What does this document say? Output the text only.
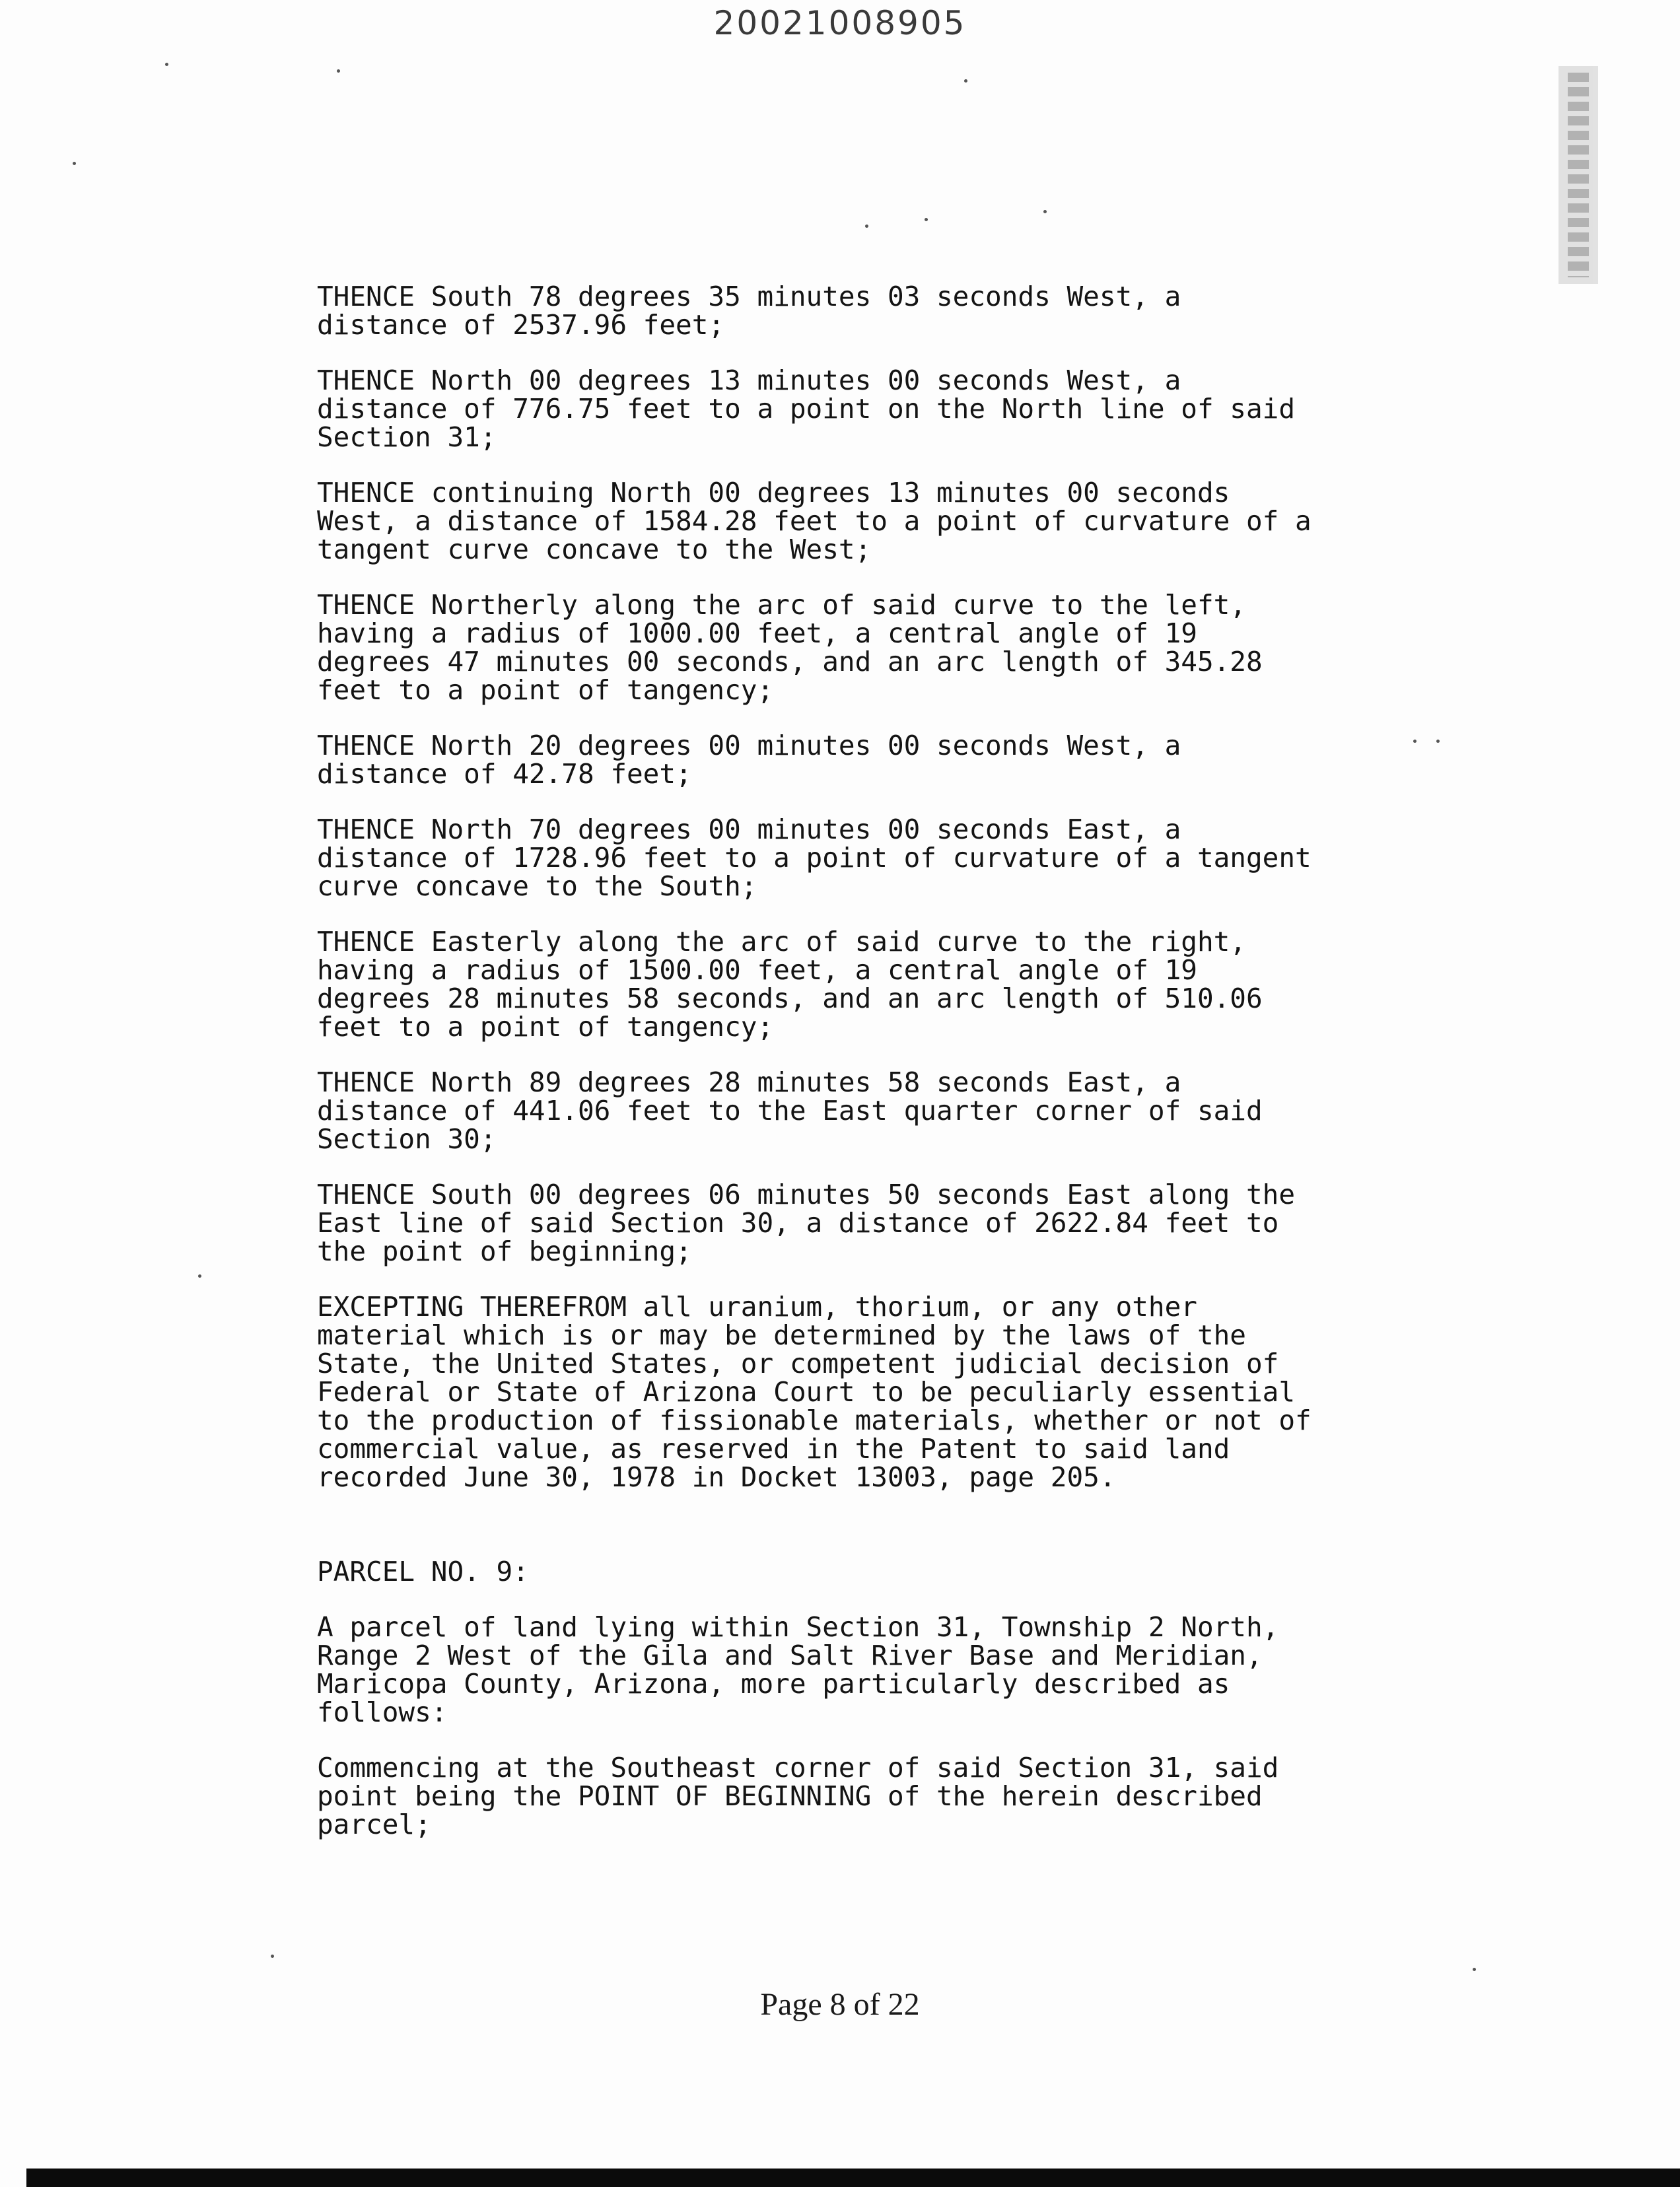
20021008905

THENCE South 78 degrees 35 minutes 03 seconds West, a
distance of 2537.96 feet;

THENCE North 00 degrees 13 minutes 00 seconds West, a
distance of 776.75 feet to a point on the North line of said
Section 31;

THENCE continuing North 00 degrees 13 minutes 00 seconds
West, a distance of 1584.28 feet to a point of curvature of a
tangent curve concave to the West;

THENCE Northerly along the arc of said curve to the left,
having a radius of 1000.00 feet, a central angle of 19
degrees 47 minutes 00 seconds, and an arc length of 345.28
feet to a point of tangency;

THENCE North 20 degrees 00 minutes 00 seconds West, a
distance of 42.78 feet;

THENCE North 70 degrees 00 minutes 00 seconds East, a
distance of 1728.96 feet to a point of curvature of a tangent
curve concave to the South;

THENCE Easterly along the arc of said curve to the right,
having a radius of 1500.00 feet, a central angle of 19
degrees 28 minutes 58 seconds, and an arc length of 510.06
feet to a point of tangency;

THENCE North 89 degrees 28 minutes 58 seconds East, a
distance of 441.06 feet to the East quarter corner of said
Section 30;

THENCE South 00 degrees 06 minutes 50 seconds East along the
East line of said Section 30, a distance of 2622.84 feet to
the point of beginning;

EXCEPTING THEREFROM all uranium, thorium, or any other
material which is or may be determined by the laws of the
State, the United States, or competent judicial decision of
Federal or State of Arizona Court to be peculiarly essential
to the production of fissionable materials, whether or not of
commercial value, as reserved in the Patent to said land
recorded June 30, 1978 in Docket 13003, page 205.

PARCEL NO. 9:

A parcel of land lying within Section 31, Township 2 North,
Range 2 West of the Gila and Salt River Base and Meridian,
Maricopa County, Arizona, more particularly described as
follows:

Commencing at the Southeast corner of said Section 31, said
point being the POINT OF BEGINNING of the herein described
parcel;

Page 8 of 22
